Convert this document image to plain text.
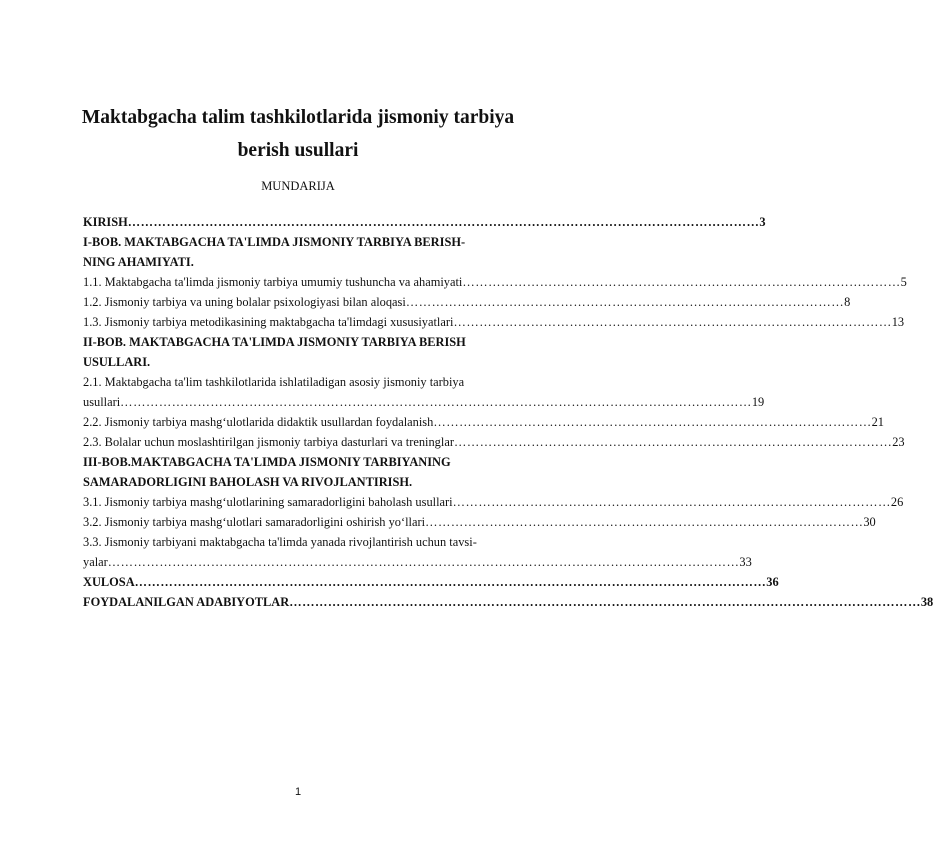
Maktabgacha talim tashkilotlarida jismoniy tarbiya
berish usullari
MUNDARIJA
KIRISH ………………………………………………………………………………………………………………………………… 3
I-BOB. MAKTABGACHA TA'LIMDA JISMONIY TARBIYA BERISH-
NING AHAMIYATI.
1.1. Maktabgacha ta'limda jismoniy tarbiya umumiy tushuncha va ahamiyati ………………………………………………………………………………………… 5
1.2. Jismoniy tarbiya va uning bolalar psixologiyasi bilan aloqasi ………………………………………………………………………………………… 8
1.3. Jismoniy tarbiya metodikasining maktabgacha ta'limdagi xususiyatlari ………………………………………………………………………………………… 13
II-BOB. MAKTABGACHA TA'LIMDA JISMONIY TARBIYA BERISH
USULLARI.
2.1. Maktabgacha ta'lim tashkilotlarida ishlatiladigan asosiy jismoniy tarbiya
usullari ………………………………………………………………………………………………………………………………… 19
2.2. Jismoniy tarbiya mashg‘ulotlarida didaktik usullardan foydalanish ………………………………………………………………………………………… 21
2.3. Bolalar uchun moslashtirilgan jismoniy tarbiya dasturlari va treninglar ………………………………………………………………………………………… 23
III-BOB.MAKTABGACHA TA'LIMDA JISMONIY TARBIYANING
SAMARADORLIGINI BAHOLASH VA RIVOJLANTIRISH.
3.1. Jismoniy tarbiya mashg‘ulotlarining samaradorligini baholash usullari ………………………………………………………………………………………… 26
3.2. Jismoniy tarbiya mashg‘ulotlari samaradorligini oshirish yo‘llari ………………………………………………………………………………………… 30
3.3. Jismoniy tarbiyani maktabgacha ta'limda yanada rivojlantirish uchun tavsi-
yalar ………………………………………………………………………………………………………………………………… 33
XULOSA ………………………………………………………………………………………………………………………………… 36
FOYDALANILGAN ADABIYOTLAR ………………………………………………………………………………………………………………………………… 38
1
